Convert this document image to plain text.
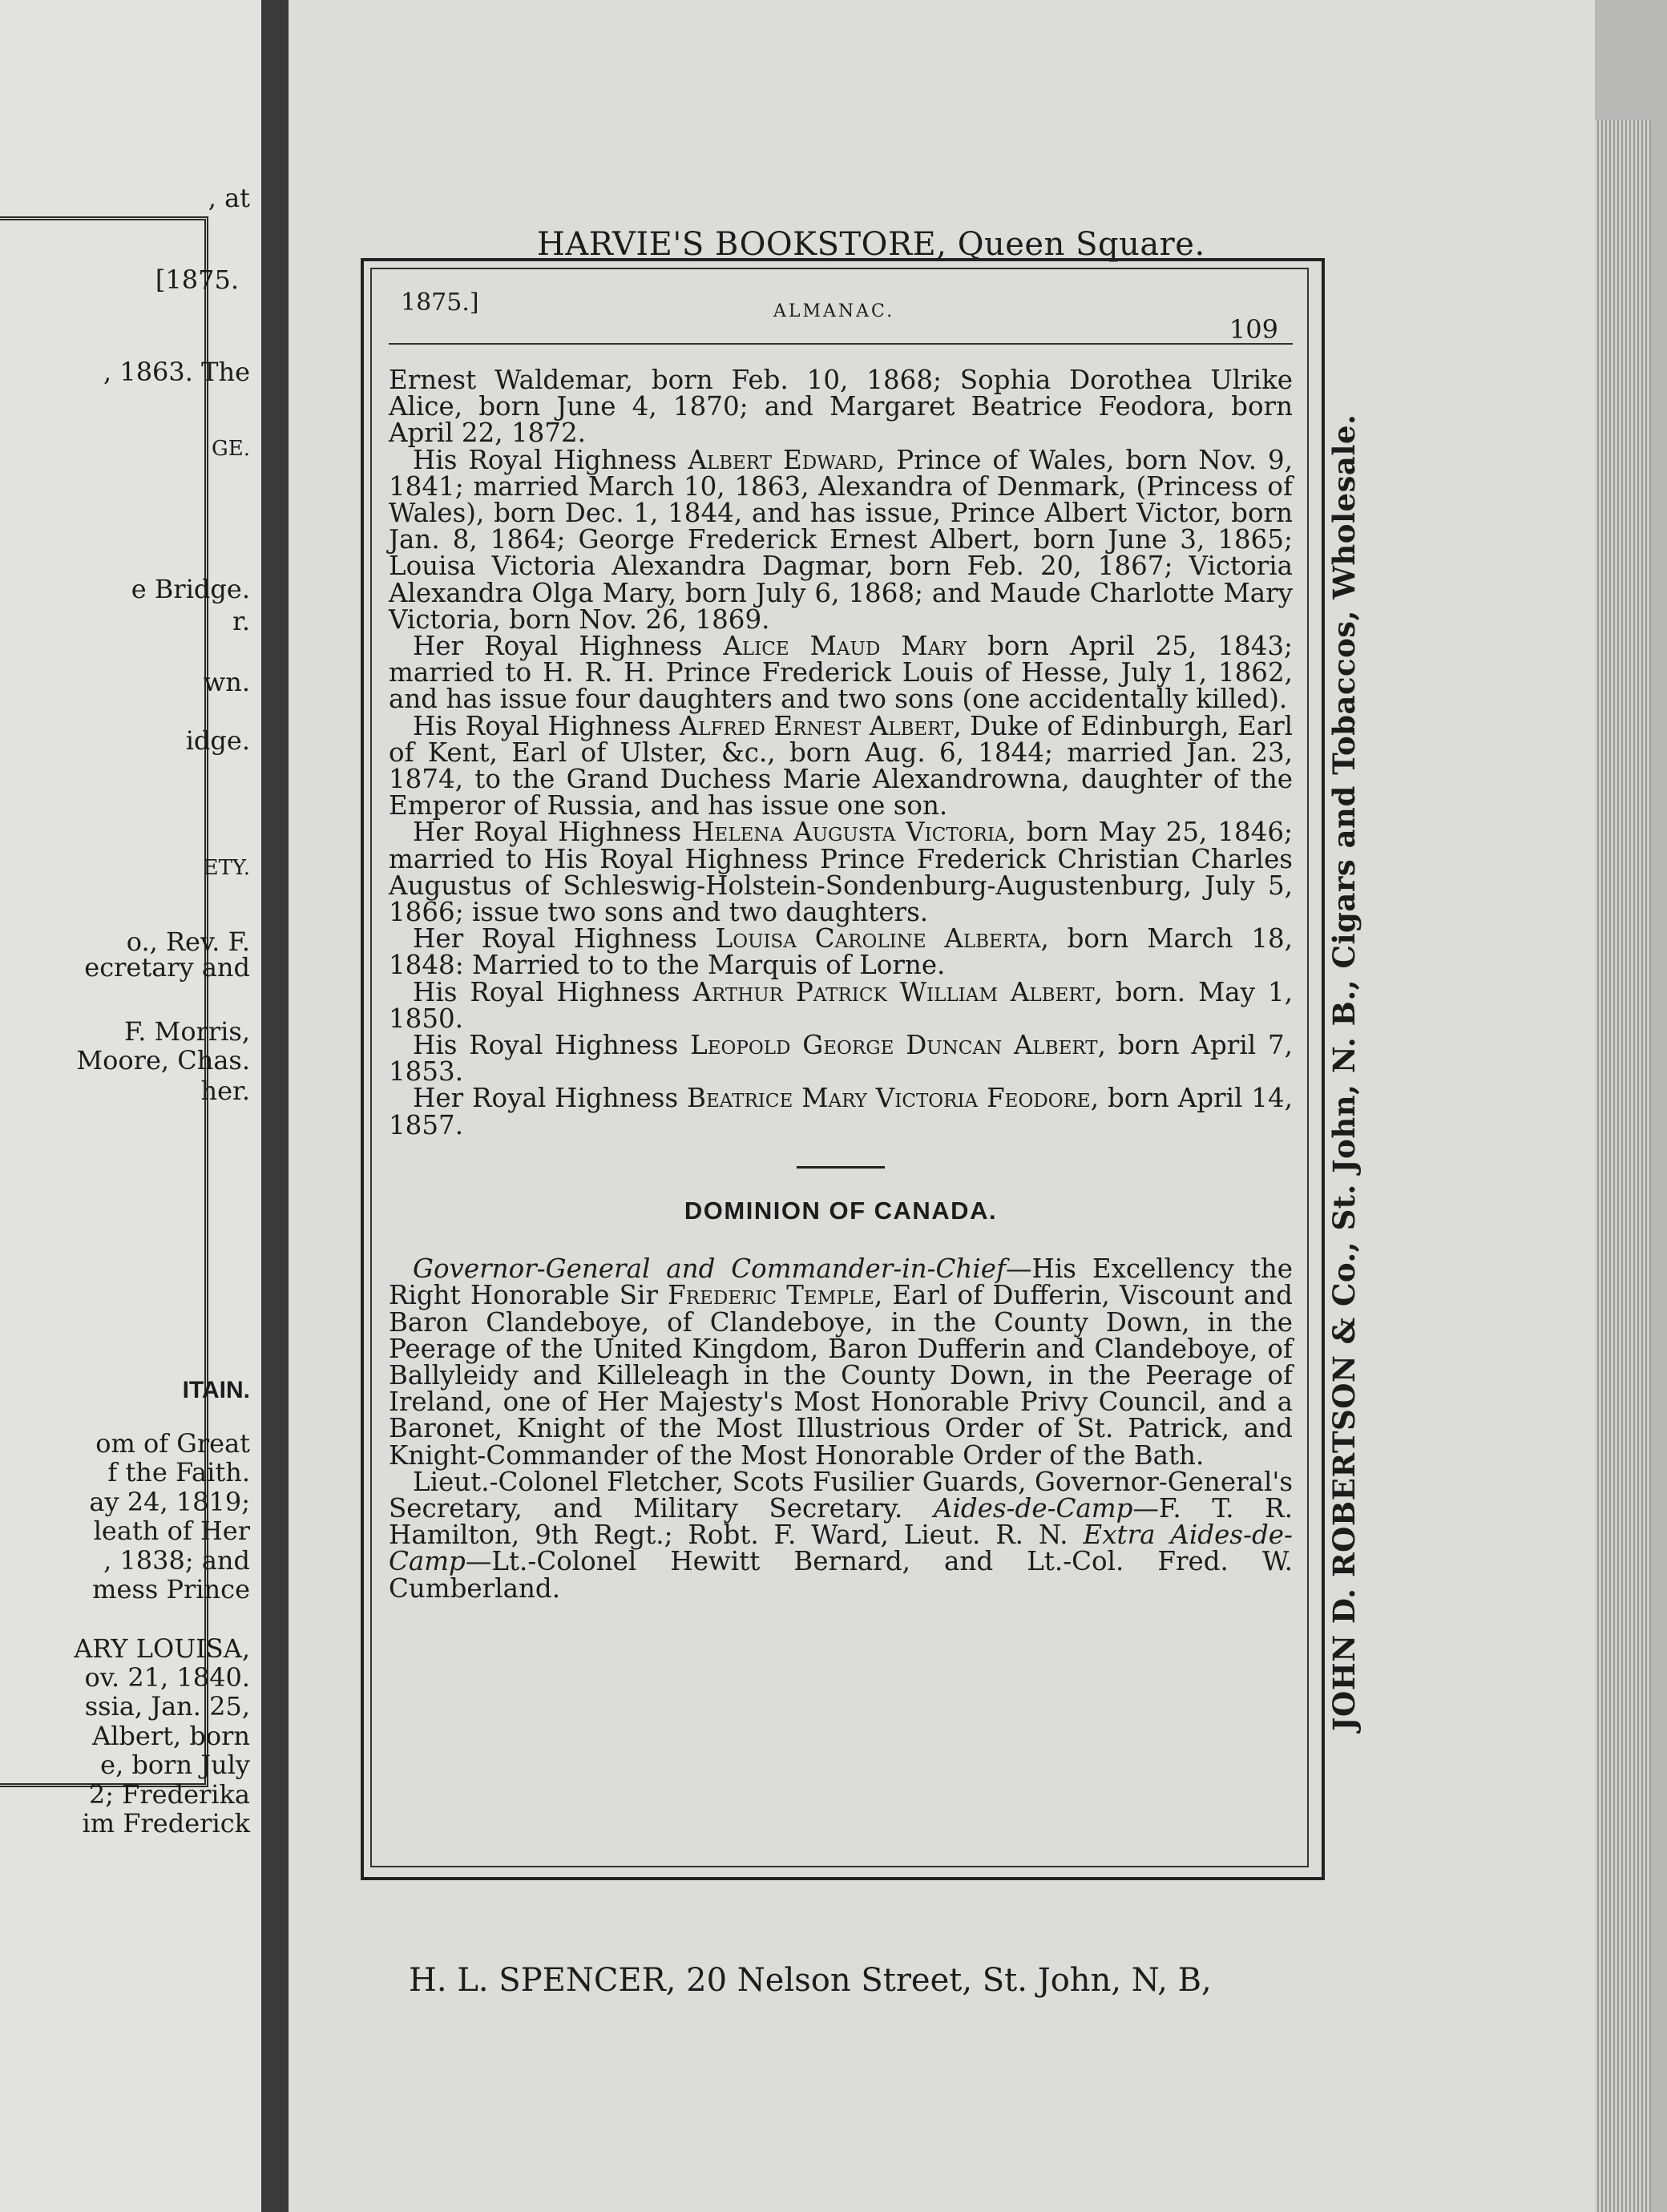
, at
[1875.
, 1863. The
GE.
e Bridge.
r.
wn.
idge.
ETY.
o., Rev. F.
ecretary and
F. Morris,
Moore, Chas.
her.
ITAIN.
om of Great
f the Faith.
ay 24, 1819;
leath of Her
, 1838; and
mess Prince
ARY LOUISA,
ov. 21, 1840.
ssia, Jan. 25,
Albert, born
e, born July
2; Frederika
im Frederick
HARVIE'S BOOKSTORE, Queen Square.
JOHN D. ROBERTSON & Co., St. John, N. B., Cigars and Tobaccos, Wholesale.
1875.]	ALMANAC.
109

Ernest Waldemar, born Feb. 10, 1868; Sophia Dorothea Ulrike Alice, born June 4, 1870; and Margaret Beatrice Feodora, born April 22, 1872.

His Royal Highness Albert Edward, Prince of Wales, born Nov. 9, 1841; married March 10, 1863, Alexandra of Denmark, (Princess of Wales), born Dec. 1, 1844, and has issue, Prince Albert Victor, born Jan. 8, 1864; George Frederick Ernest Albert, born June 3, 1865; Louisa Victoria Alexandra Dagmar, born Feb. 20, 1867; Victoria Alexandra Olga Mary, born July 6, 1868; and Maude Charlotte Mary Victoria, born Nov. 26, 1869.

Her Royal Highness Alice Maud Mary born April 25, 1843; married to H. R. H. Prince Frederick Louis of Hesse, July 1, 1862, and has issue four daughters and two sons (one accidentally killed).

His Royal Highness Alfred Ernest Albert, Duke of Edinburgh, Earl of Kent, Earl of Ulster, &c., born Aug. 6, 1844; married Jan. 23, 1874, to the Grand Duchess Marie Alexandrowna, daughter of the Emperor of Russia, and has issue one son.

Her Royal Highness Helena Augusta Victoria, born May 25, 1846; married to His Royal Highness Prince Frederick Christian Charles Augustus of Schleswig-Holstein-Sondenburg-Augustenburg, July 5, 1866; issue two sons and two daughters.

Her Royal Highness Louisa Caroline Alberta, born March 18, 1848: Married to to the Marquis of Lorne.

His Royal Highness Arthur Patrick William Albert, born. May 1, 1850.

His Royal Highness Leopold George Duncan Albert, born April 7, 1853.

Her Royal Highness Beatrice Mary Victoria Feodore, born April 14, 1857.

DOMINION OF CANADA.

Governor-General and Commander-in-Chief—His Excellency the Right Honorable Sir Frederic Temple, Earl of Dufferin, Viscount and Baron Clandeboye, of Clandeboye, in the County Down, in the Peerage of the United Kingdom, Baron Dufferin and Clandeboye, of Ballyleidy and Killeleagh in the County Down, in the Peerage of Ireland, one of Her Majesty's Most Honorable Privy Council, and a Baronet, Knight of the Most Illustrious Order of St. Patrick, and Knight-Commander of the Most Honorable Order of the Bath.

Lieut.-Colonel Fletcher, Scots Fusilier Guards, Governor-General's Secretary, and Military Secretary. Aides-de-Camp—F. T. R. Hamilton, 9th Regt.; Robt. F. Ward, Lieut. R. N. Extra Aides-de-Camp—Lt.-Colonel Hewitt Bernard, and Lt.-Col. Fred. W. Cumberland.

H. L. SPENCER, 20 Nelson Street, St. John, N, B,
